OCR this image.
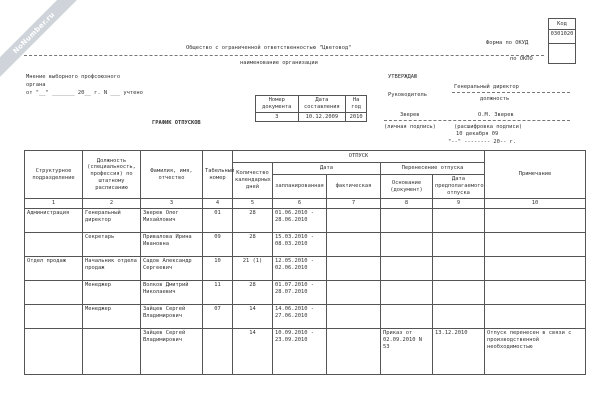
NoNumber.ru	Код
0301020
Форма по ОКУД
по ОКПО
Общество с ограниченной ответственностью "Цветовод"
наименование организации
Мнение выборного профсоюзного
органа
от "__" _______ 20__ г. N ___ учтено
УТВЕРЖДАЮ
Генеральный директор
Руководитель
должность
Зверев	О.М. Зверев
(личная подпись)	(расшифровка подписи)
10 декабря 09
"--" -------- 20-- г.
Номер документа	Дата составления	На год
3	10.12.2009	2010
ГРАФИК ОТПУСКОВ
Структурное подразделение	Должность (специальность, профессия) по штатному расписанию	Фамилия, имя, отчество	Табельный номер	ОТПУСК					Примечание
				Количество календарных дней	Дата		Перенесение отпуска		
					запланированная	фактическая	Основание (документ)	Дата предполагаемого отпуска	
1	2	3	4	5	6	7	8	9	10
Администрация	Генеральный директор	Зверев Олег Михайлович	01	28	01.06.2010 - 28.06.2010				
	Секретарь	Привалова Ирина Ивановна	09	28	15.03.2010 - 08.03.2010				
Отдел продаж	Начальник отдела продаж	Садов Александр Сергеевич	10	21 (1)	12.05.2010 - 02.06.2010				
	Менеджер	Волков Дмитрий Николаевич	11	28	01.07.2010 - 28.07.2010				
	Менеджер	Зайцев Сергей Владимирович	07	14	14.06.2010 - 27.06.2010				
		Зайцев Сергей Владимирович		14	10.09.2010 - 23.09.2010		Приказ от 02.09.2010 N 53	13.12.2010	Отпуск перенесен в связи с производственной необходимостью
